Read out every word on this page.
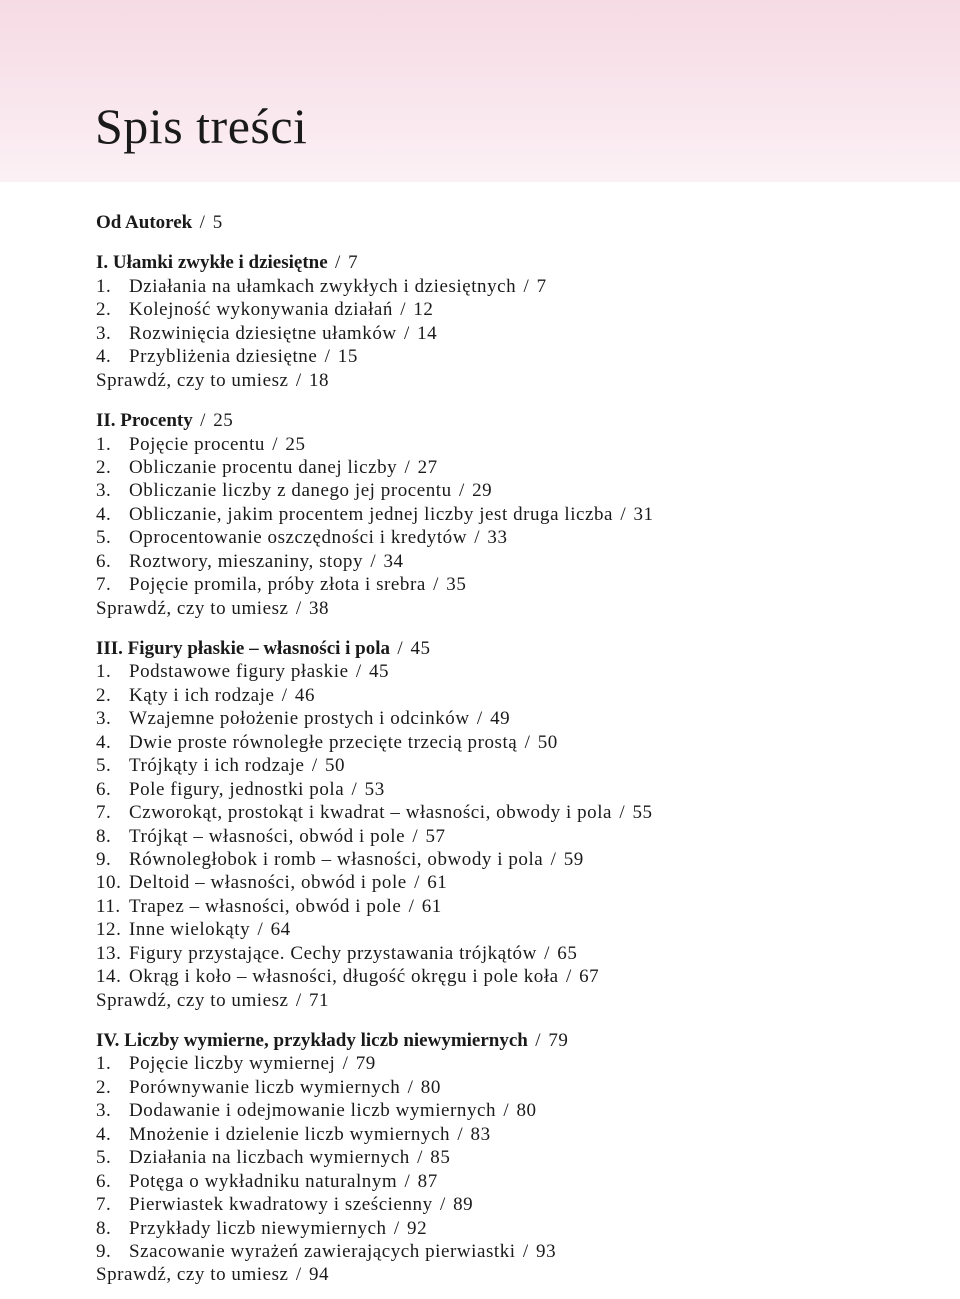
Spis treści
Od Autorek / 5
I. Ułamki zwykłe i dziesiętne / 7
1. Działania na ułamkach zwykłych i dziesiętnych / 7
2. Kolejność wykonywania działań / 12
3. Rozwinięcia dziesiętne ułamków / 14
4. Przybliżenia dziesiętne / 15
Sprawdź, czy to umiesz / 18
II. Procenty / 25
1. Pojęcie procentu / 25
2. Obliczanie procentu danej liczby / 27
3. Obliczanie liczby z danego jej procentu / 29
4. Obliczanie, jakim procentem jednej liczby jest druga liczba / 31
5. Oprocentowanie oszczędności i kredytów / 33
6. Roztwory, mieszaniny, stopy / 34
7. Pojęcie promila, próby złota i srebra / 35
Sprawdź, czy to umiesz / 38
III. Figury płaskie – własności i pola / 45
1. Podstawowe figury płaskie / 45
2. Kąty i ich rodzaje / 46
3. Wzajemne położenie prostych i odcinków / 49
4. Dwie proste równoległe przecięte trzecią prostą / 50
5. Trójkąty i ich rodzaje / 50
6. Pole figury, jednostki pola / 53
7. Czworokąt, prostokąt i kwadrat – własności, obwody i pola / 55
8. Trójkąt – własności, obwód i pole / 57
9. Równoległobok i romb – własności, obwody i pola / 59
10. Deltoid – własności, obwód i pole / 61
11. Trapez – własności, obwód i pole / 61
12. Inne wielokąty / 64
13. Figury przystające. Cechy przystawania trójkątów / 65
14. Okrąg i koło – własności, długość okręgu i pole koła / 67
Sprawdź, czy to umiesz / 71
IV. Liczby wymierne, przykłady liczb niewymiernych / 79
1. Pojęcie liczby wymiernej / 79
2. Porównywanie liczb wymiernych / 80
3. Dodawanie i odejmowanie liczb wymiernych / 80
4. Mnożenie i dzielenie liczb wymiernych / 83
5. Działania na liczbach wymiernych / 85
6. Potęga o wykładniku naturalnym / 87
7. Pierwiastek kwadratowy i sześcienny / 89
8. Przykłady liczb niewymiernych / 92
9. Szacowanie wyrażeń zawierających pierwiastki / 93
Sprawdź, czy to umiesz / 94
